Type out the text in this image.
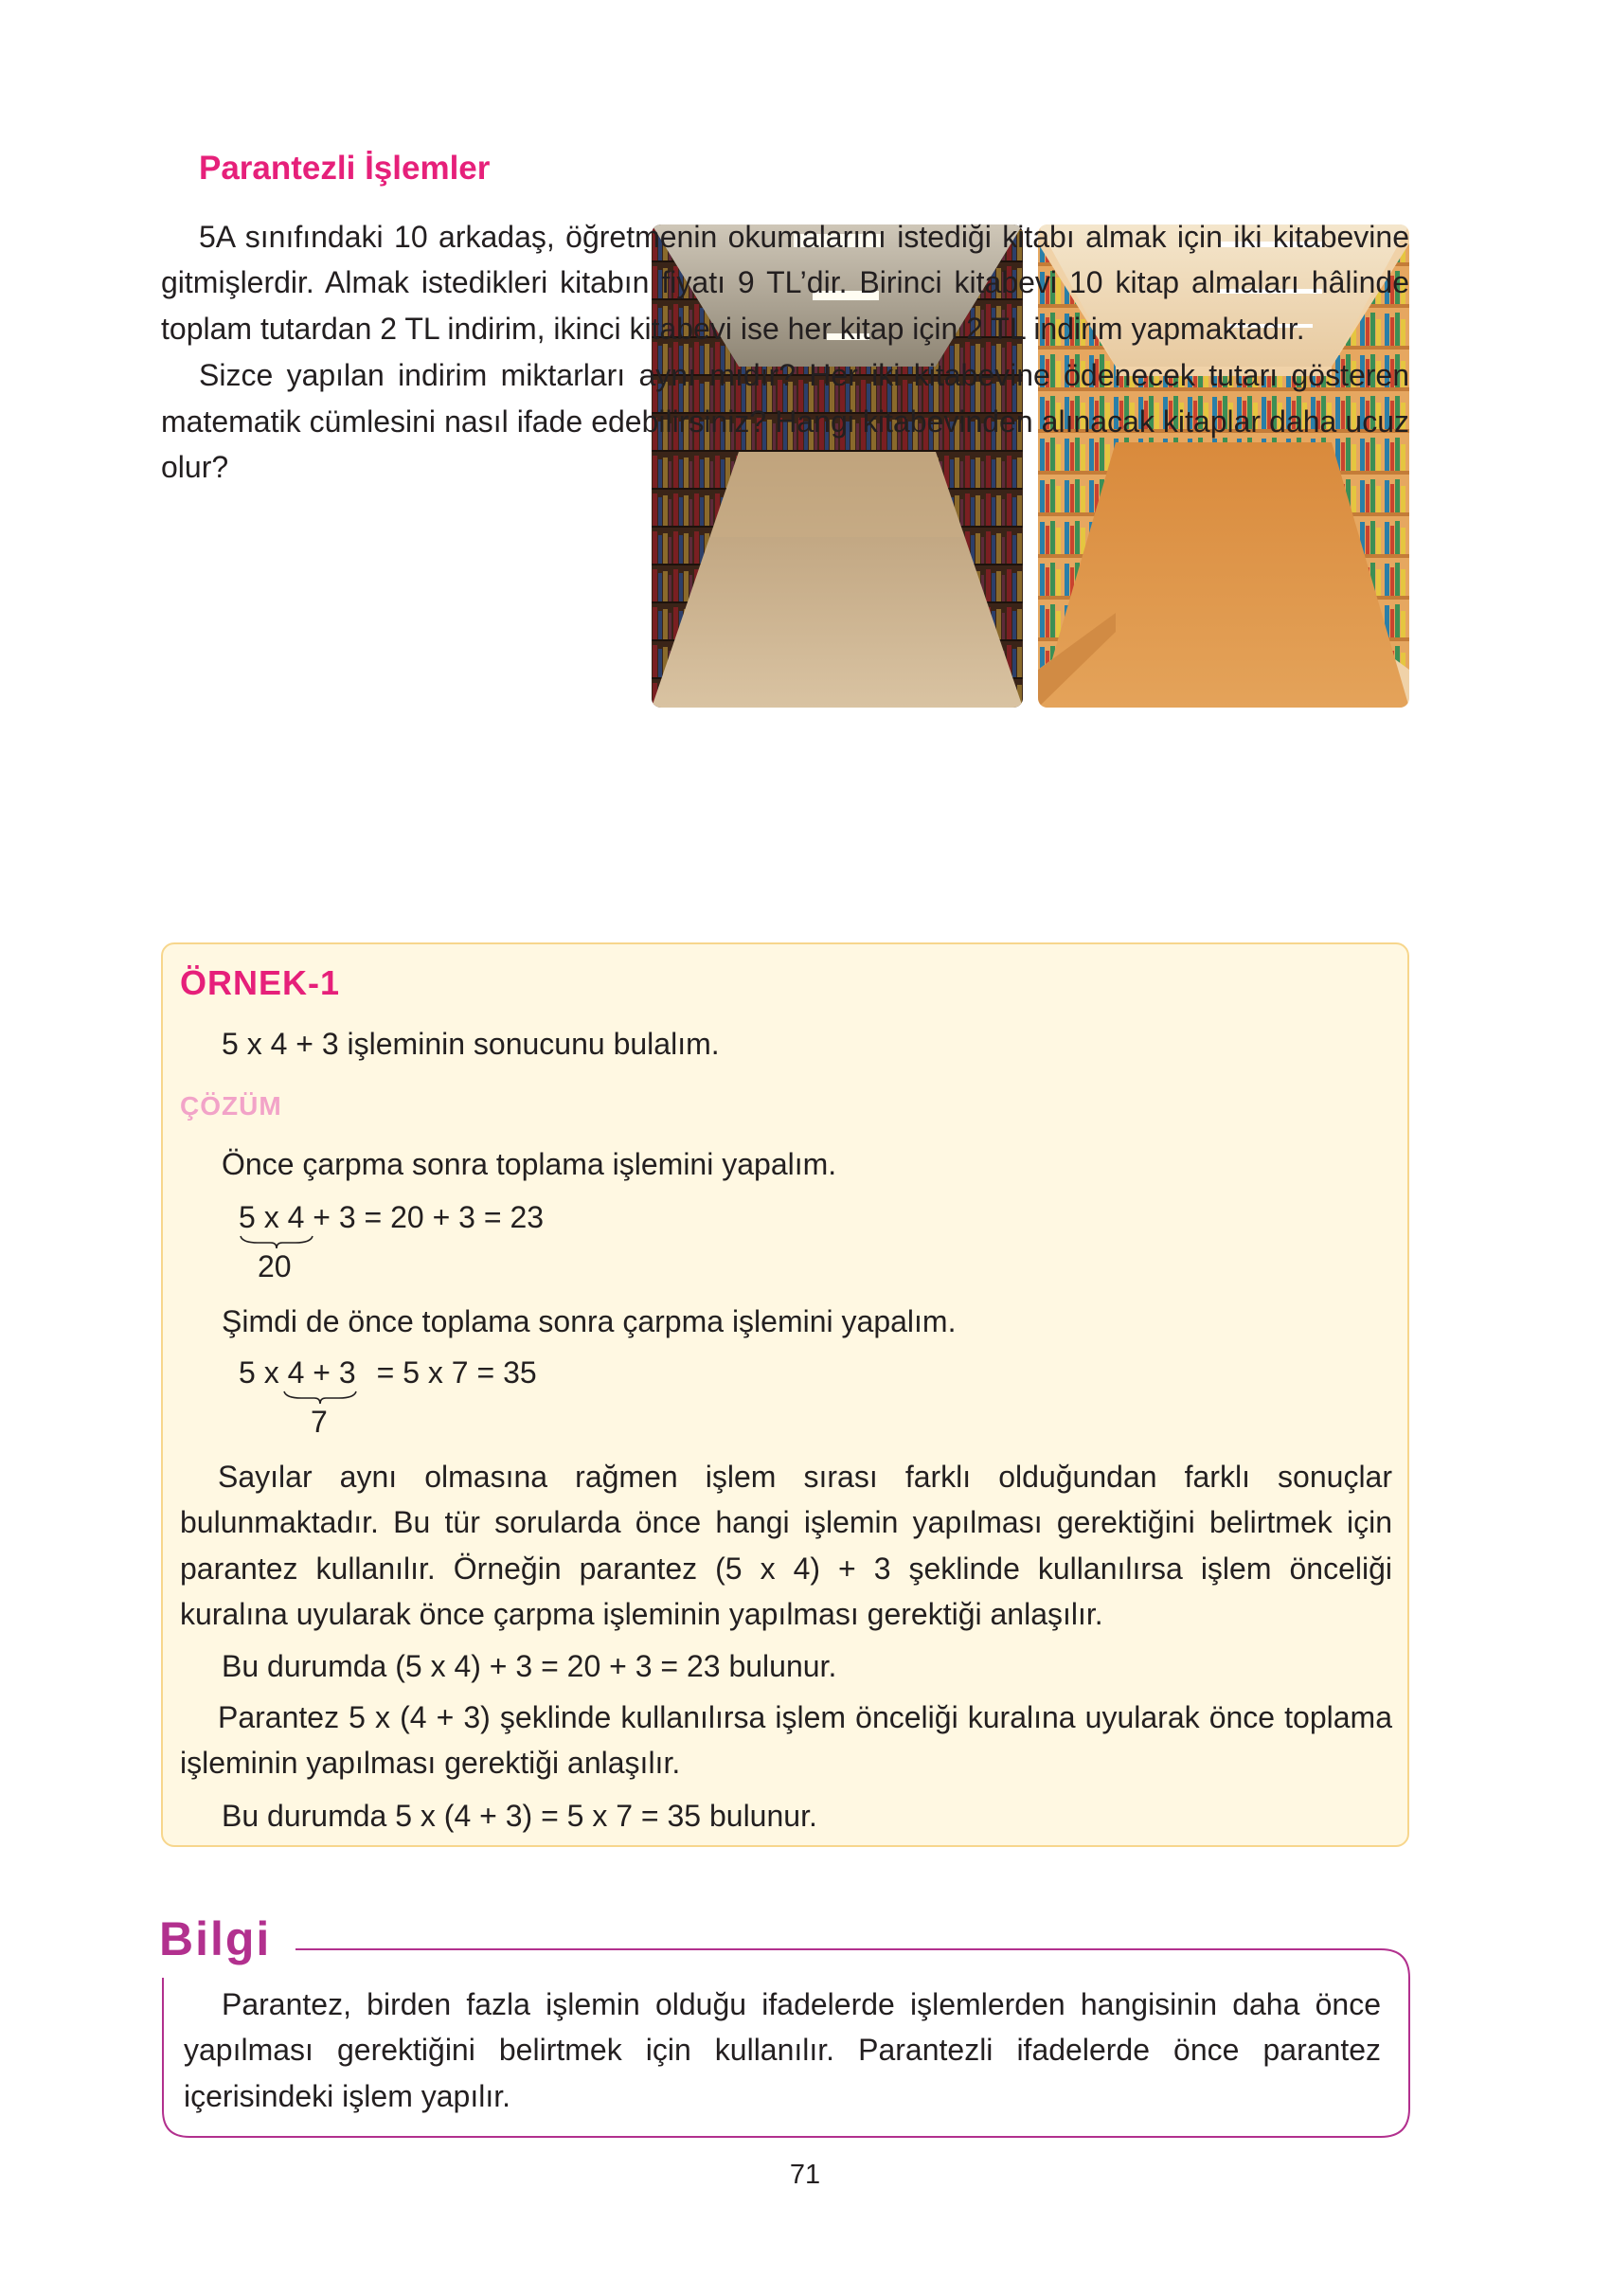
Parantezli İşlemler

5A sınıfındaki 10 arkadaş, öğretmenin okumalarını istediği kitabı almak için iki kitabevine gitmişlerdir. Almak istedikleri kitabın fiyatı 9 TL’dir. Birinci kitabevi 10 kitap almaları hâlinde toplam tutardan 2 TL indirim, ikinci kitabevi ise her kitap için 2 TL indirim yapmaktadır.

Sizce yapılan indirim miktarları aynı mıdır? Her iki kitabevine ödenecek tutarı gösteren matematik cümlesini nasıl ifade edebilirsiniz? Hangi kitabevinden alınacak kitaplar daha ucuz olur?

ÖRNEK-1
5 x 4 + 3 işleminin sonucunu bulalım.
ÇÖZÜM
Önce çarpma sonra toplama işlemini yapalım.
5 x 4 + 3 = 20 + 3 = 23
20
Şimdi de önce toplama sonra çarpma işlemini yapalım.
5 x 4 + 3 = 5 x 7 = 35
7
Sayılar aynı olmasına rağmen işlem sırası farklı olduğundan farklı sonuçlar bulunmaktadır. Bu tür sorularda önce hangi işlemin yapılması gerektiğini belirtmek için parantez kullanılır. Örneğin parantez (5 x 4) + 3 şeklinde kullanılırsa işlem önceliği kuralına uyularak önce çarpma işleminin yapılması gerektiği anlaşılır.
Bu durumda (5 x 4) + 3 = 20 + 3 = 23 bulunur.
Parantez 5 x (4 + 3) şeklinde kullanılırsa işlem önceliği kuralına uyularak önce toplama işleminin yapılması gerektiği anlaşılır.
Bu durumda 5 x (4 + 3) = 5 x 7 = 35 bulunur.
Bilgi
Parantez, birden fazla işlemin olduğu ifadelerde işlemlerden hangisinin daha önce yapılması gerektiğini belirtmek için kullanılır. Parantezli ifadelerde önce parantez içerisindeki işlem yapılır.
71
